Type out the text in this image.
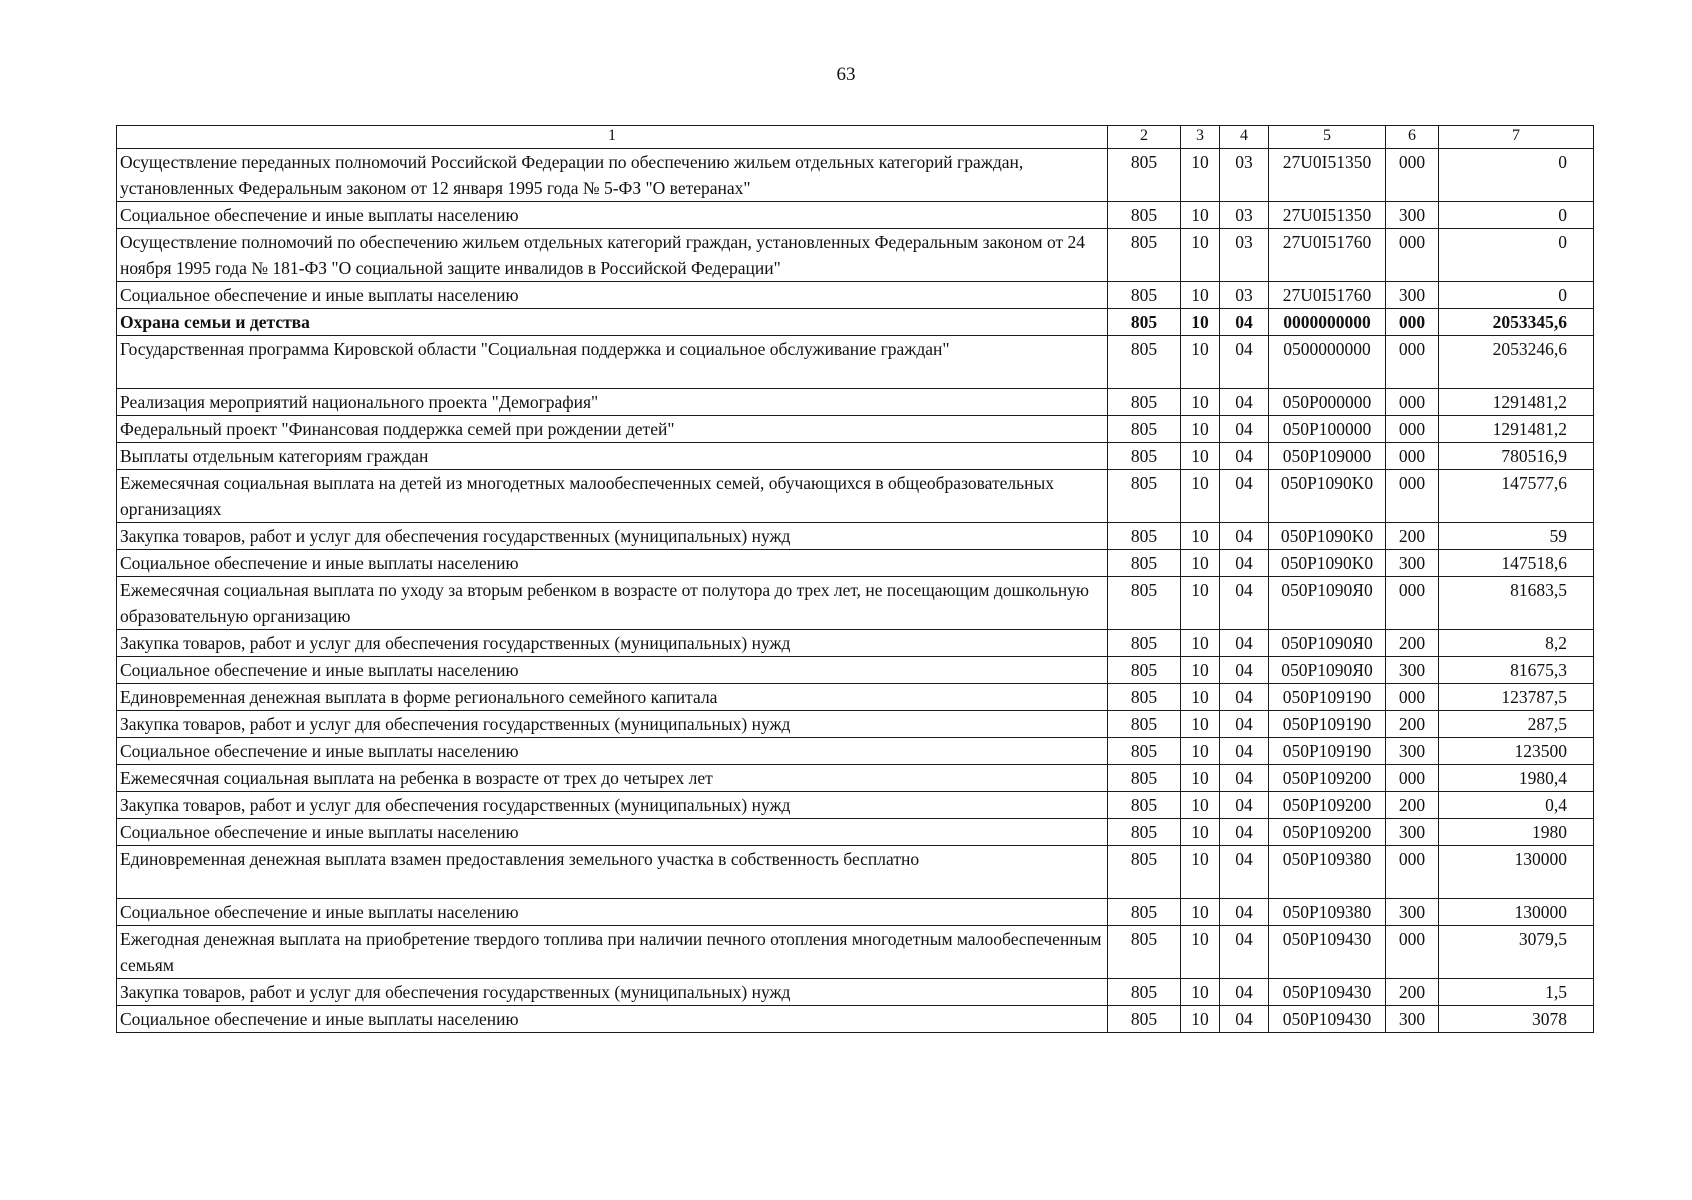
63
1	2	3	4	5	6	7
Осуществление переданных полномочий Российской Федерации по обеспечению жильем отдельных категорий граждан, установленных Федеральным законом от 12 января 1995 года № 5-ФЗ "О ветеранах"	805	10	03	27U0I51350	000	0
Социальное обеспечение и иные выплаты населению	805	10	03	27U0I51350	300	0
Осуществление полномочий по обеспечению жильем отдельных категорий граждан, установленных Федеральным законом от 24 ноября 1995 года № 181-ФЗ "О социальной защите инвалидов в Российской Федерации"	805	10	03	27U0I51760	000	0
Социальное обеспечение и иные выплаты населению	805	10	03	27U0I51760	300	0
Охрана семьи и детства	805	10	04	0000000000	000	2053345,6
Государственная программа Кировской области "Социальная поддержка и социальное обслуживание граждан"	805	10	04	0500000000	000	2053246,6
Реализация мероприятий национального проекта "Демография"	805	10	04	050P000000	000	1291481,2
Федеральный проект "Финансовая поддержка семей при рождении детей"	805	10	04	050P100000	000	1291481,2
Выплаты отдельным категориям граждан	805	10	04	050P109000	000	780516,9
Ежемесячная социальная выплата на детей из многодетных малообеспеченных семей, обучающихся в общеобразовательных организациях	805	10	04	050P1090K0	000	147577,6
Закупка товаров, работ и услуг для обеспечения государственных (муниципальных) нужд	805	10	04	050P1090K0	200	59
Социальное обеспечение и иные выплаты населению	805	10	04	050P1090K0	300	147518,6
Ежемесячная социальная выплата по уходу за вторым ребенком в возрасте от полутора до трех лет, не посещающим дошкольную образовательную организацию	805	10	04	050P1090Я0	000	81683,5
Закупка товаров, работ и услуг для обеспечения государственных (муниципальных) нужд	805	10	04	050P1090Я0	200	8,2
Социальное обеспечение и иные выплаты населению	805	10	04	050P1090Я0	300	81675,3
Единовременная денежная выплата в форме регионального семейного капитала	805	10	04	050P109190	000	123787,5
Закупка товаров, работ и услуг для обеспечения государственных (муниципальных) нужд	805	10	04	050P109190	200	287,5
Социальное обеспечение и иные выплаты населению	805	10	04	050P109190	300	123500
Ежемесячная социальная выплата на ребенка в возрасте от трех до четырех лет	805	10	04	050P109200	000	1980,4
Закупка товаров, работ и услуг для обеспечения государственных (муниципальных) нужд	805	10	04	050P109200	200	0,4
Социальное обеспечение и иные выплаты населению	805	10	04	050P109200	300	1980
Единовременная денежная выплата взамен предоставления земельного участка в собственность бесплатно	805	10	04	050P109380	000	130000
Социальное обеспечение и иные выплаты населению	805	10	04	050P109380	300	130000
Ежегодная денежная выплата на приобретение твердого топлива при наличии печного отопления многодетным малообеспеченным семьям	805	10	04	050P109430	000	3079,5
Закупка товаров, работ и услуг для обеспечения государственных (муниципальных) нужд	805	10	04	050P109430	200	1,5
Социальное обеспечение и иные выплаты населению	805	10	04	050P109430	300	3078
